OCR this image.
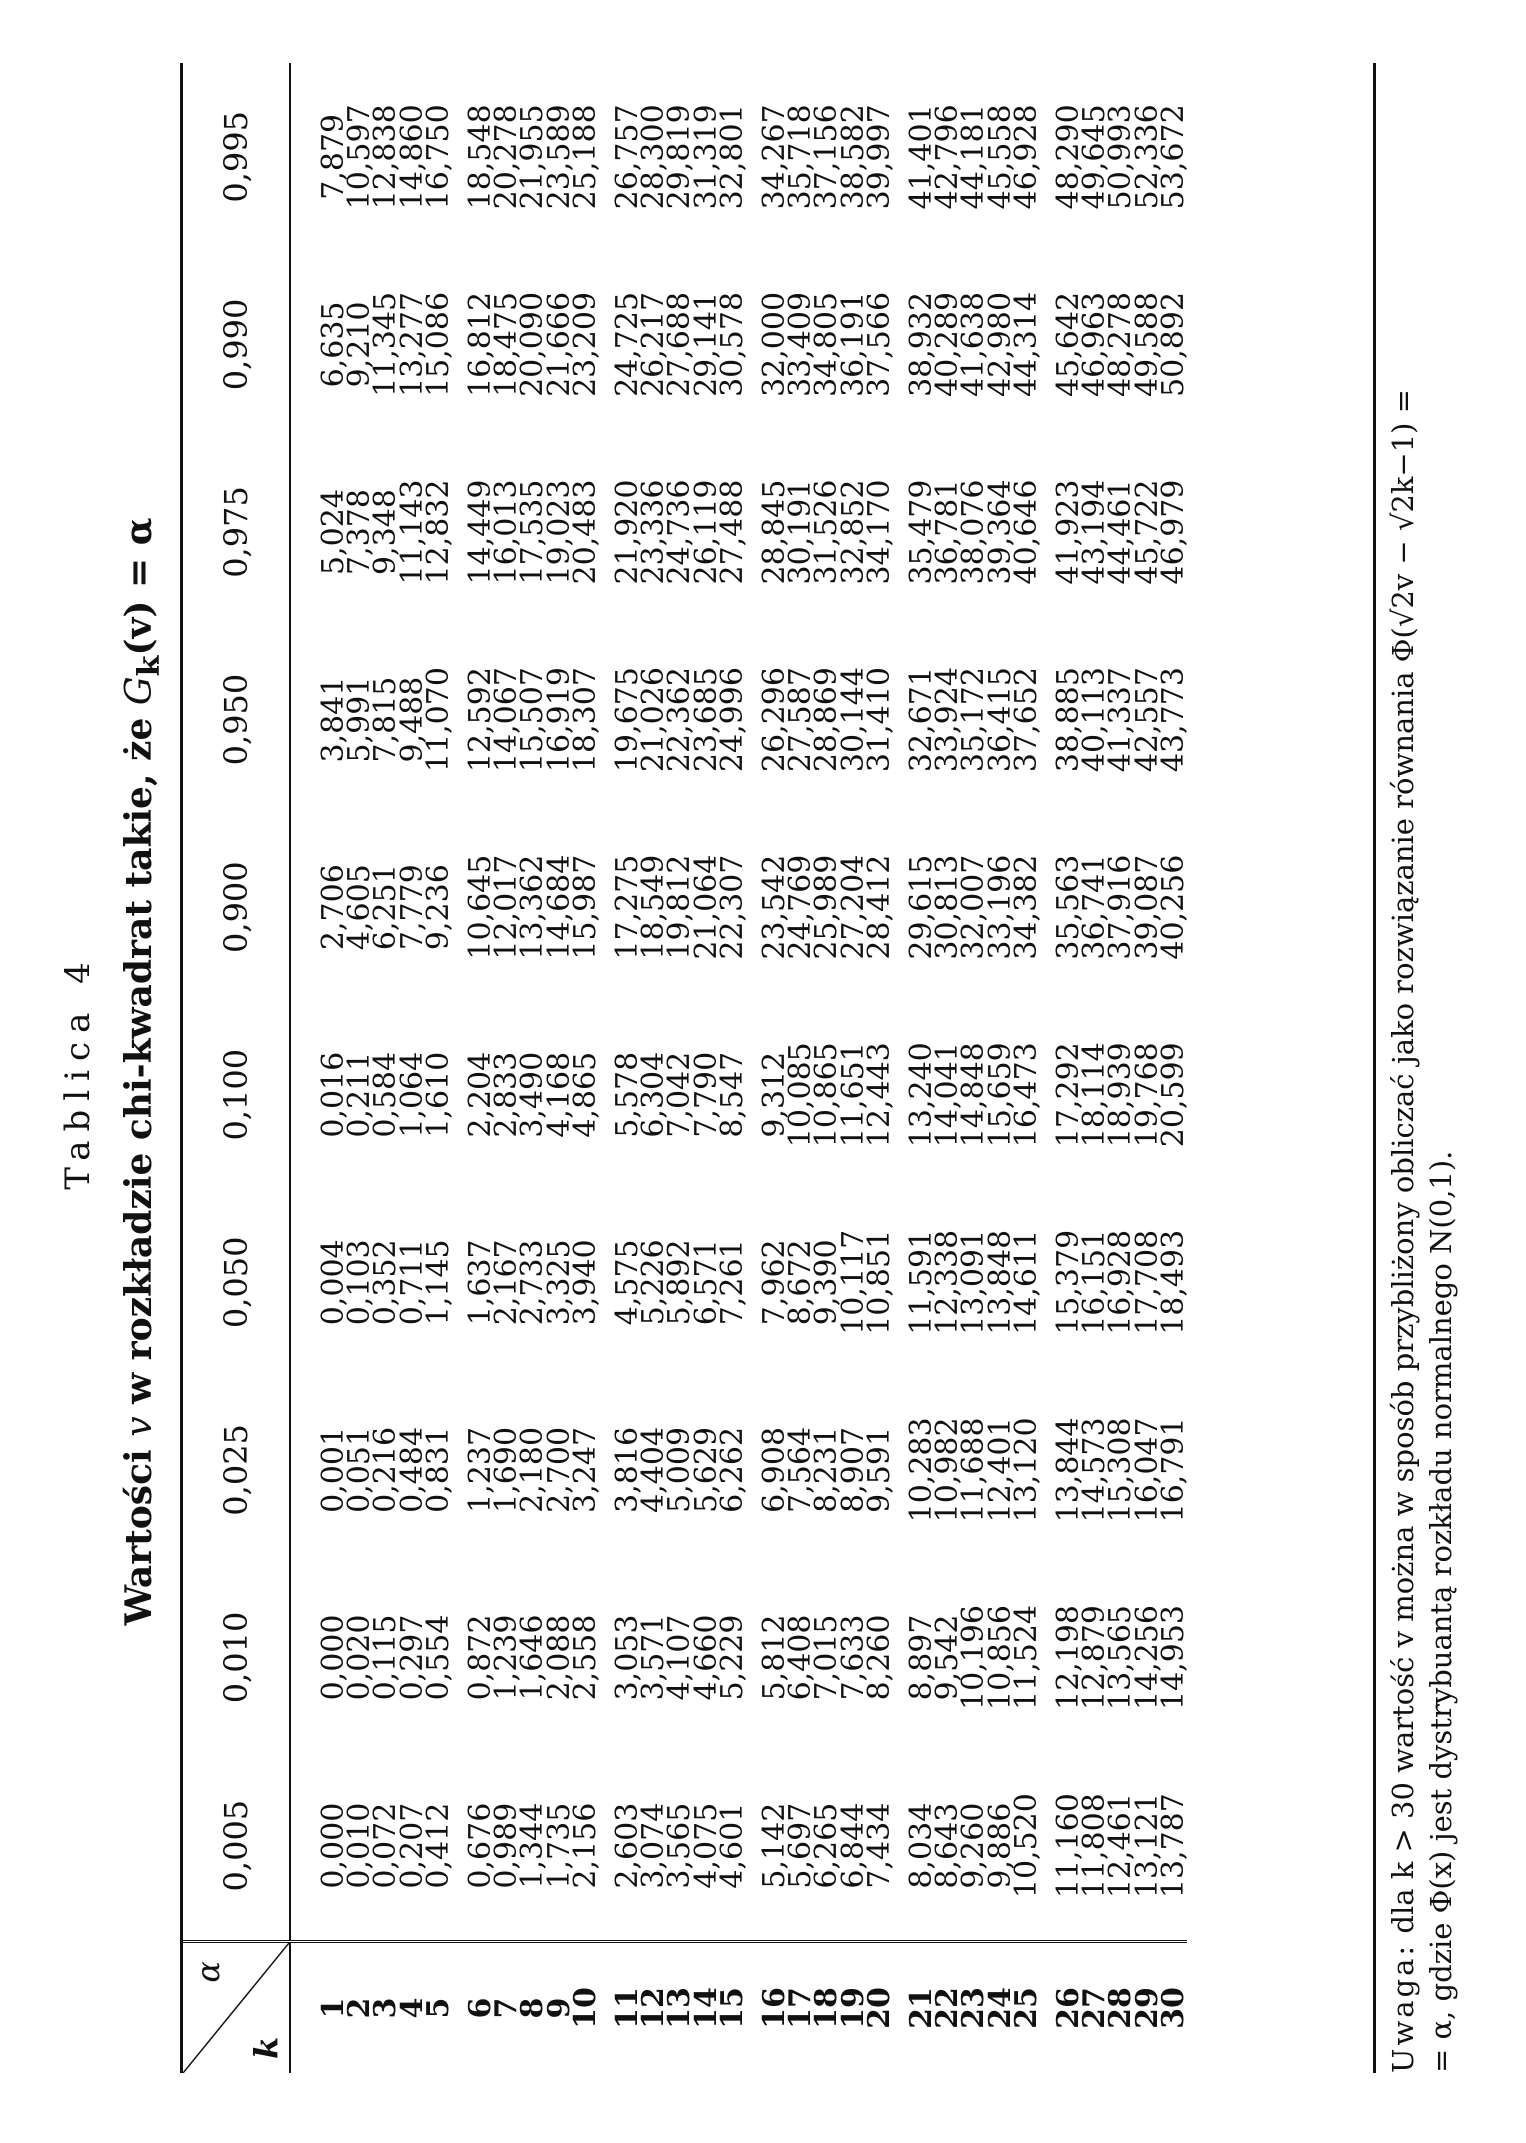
Tablica 4
Wartości v w rozkładzie chi-kwadrat takie, że $G_k(v) = \alpha$
α
k	0,005	0,010	0,025	0,050	0,100	0,900	0,950	0,975	0,990	0,995
1	0,000	0,000	0,001	0,004	0,016	2,706	3,841	5,024	6,635	7,879
2	0,010	0,020	0,051	0,103	0,211	4,605	5,991	7,378	9,210	10,597
3	0,072	0,115	0,216	0,352	0,584	6,251	7,815	9,348	11,345	12,838
4	0,207	0,297	0,484	0,711	1,064	7,779	9,488	11,143	13,277	14,860
5	0,412	0,554	0,831	1,145	1,610	9,236	11,070	12,832	15,086	16,750
6	0,676	0,872	1,237	1,637	2,204	10,645	12,592	14,449	16,812	18,548
7	0,989	1,239	1,690	2,167	2,833	12,017	14,067	16,013	18,475	20,278
8	1,344	1,646	2,180	2,733	3,490	13,362	15,507	17,535	20,090	21,955
9	1,735	2,088	2,700	3,325	4,168	14,684	16,919	19,023	21,666	23,589
10	2,156	2,558	3,247	3,940	4,865	15,987	18,307	20,483	23,209	25,188
11	2,603	3,053	3,816	4,575	5,578	17,275	19,675	21,920	24,725	26,757
12	3,074	3,571	4,404	5,226	6,304	18,549	21,026	23,336	26,217	28,300
13	3,565	4,107	5,009	5,892	7,042	19,812	22,362	24,736	27,688	29,819
14	4,075	4,660	5,629	6,571	7,790	21,064	23,685	26,119	29,141	31,319
15	4,601	5,229	6,262	7,261	8,547	22,307	24,996	27,488	30,578	32,801
16	5,142	5,812	6,908	7,962	9,312	23,542	26,296	28,845	32,000	34,267
17	5,697	6,408	7,564	8,672	10,085	24,769	27,587	30,191	33,409	35,718
18	6,265	7,015	8,231	9,390	10,865	25,989	28,869	31,526	34,805	37,156
19	6,844	7,633	8,907	10,117	11,651	27,204	30,144	32,852	36,191	38,582
20	7,434	8,260	9,591	10,851	12,443	28,412	31,410	34,170	37,566	39,997
21	8,034	8,897	10,283	11,591	13,240	29,615	32,671	35,479	38,932	41,401
22	8,643	9,542	10,982	12,338	14,041	30,813	33,924	36,781	40,289	42,796
23	9,260	10,196	11,688	13,091	14,848	32,007	35,172	38,076	41,638	44,181
24	9,886	10,856	12,401	13,848	15,659	33,196	36,415	39,364	42,980	45,558
25	10,520	11,524	13,120	14,611	16,473	34,382	37,652	40,646	44,314	46,928
26	11,160	12,198	13,844	15,379	17,292	35,563	38,885	41,923	45,642	48,290
27	11,808	12,879	14,573	16,151	18,114	36,741	40,113	43,194	46,963	49,645
28	12,461	13,565	15,308	16,928	18,939	37,916	41,337	44,461	48,278	50,993
29	13,121	14,256	16,047	17,708	19,768	39,087	42,557	45,722	49,588	52,336
30	13,787	14,953	16,791	18,493	20,599	40,256	43,773	46,979	50,892	53,672
Uwaga: dla k > 30 wartość v można w sposób przybliżony obliczać jako rozwiązanie równania Φ(√2v − √2k−1) = = α, gdzie Φ(x) jest dystrybuantą rozkładu normalnego N(0,1).
